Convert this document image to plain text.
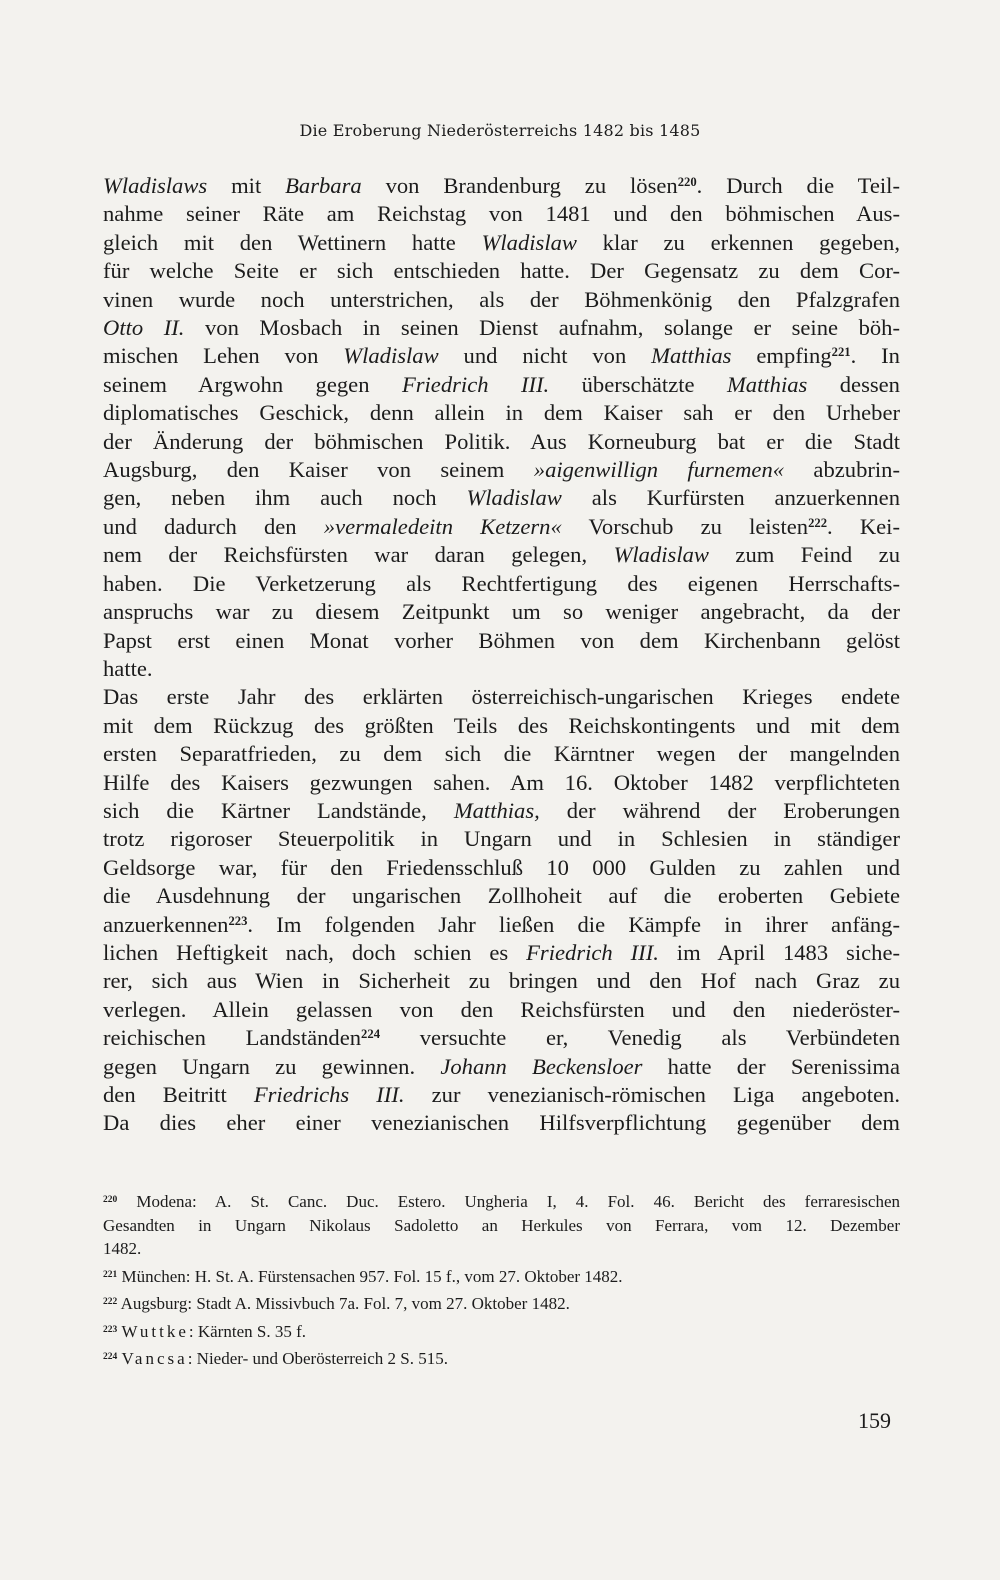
Die Eroberung Niederösterreichs 1482 bis 1485
Wladislaws mit Barbara von Brandenburg zu lösen$^{220}$. Durch die Teil-
nahme seiner Räte am Reichstag von 1481 und den böhmischen Aus-
gleich mit den Wettinern hatte Wladislaw klar zu erkennen gegeben,
für welche Seite er sich entschieden hatte. Der Gegensatz zu dem Cor-
vinen wurde noch unterstrichen, als der Böhmenkönig den Pfalzgrafen
Otto II. von Mosbach in seinen Dienst aufnahm, solange er seine böh-
mischen Lehen von Wladislaw und nicht von Matthias empfing$^{221}$. In
seinem Argwohn gegen Friedrich III. überschätzte Matthias dessen
diplomatisches Geschick, denn allein in dem Kaiser sah er den Urheber
der Änderung der böhmischen Politik. Aus Korneuburg bat er die Stadt
Augsburg, den Kaiser von seinem »aigenwillign furnemen« abzubrin-
gen, neben ihm auch noch Wladislaw als Kurfürsten anzuerkennen
und dadurch den »vermaledeitn Ketzern« Vorschub zu leisten$^{222}$. Kei-
nem der Reichsfürsten war daran gelegen, Wladislaw zum Feind zu
haben. Die Verketzerung als Rechtfertigung des eigenen Herrschafts-
anspruchs war zu diesem Zeitpunkt um so weniger angebracht, da der
Papst erst einen Monat vorher Böhmen von dem Kirchenbann gelöst
hatte.
Das erste Jahr des erklärten österreichisch-ungarischen Krieges endete
mit dem Rückzug des größten Teils des Reichskontingents und mit dem
ersten Separatfrieden, zu dem sich die Kärntner wegen der mangelnden
Hilfe des Kaisers gezwungen sahen. Am 16. Oktober 1482 verpflichteten
sich die Kärtner Landstände, Matthias, der während der Eroberungen
trotz rigoroser Steuerpolitik in Ungarn und in Schlesien in ständiger
Geldsorge war, für den Friedensschluß 10 000 Gulden zu zahlen und
die Ausdehnung der ungarischen Zollhoheit auf die eroberten Gebiete
anzuerkennen$^{223}$. Im folgenden Jahr ließen die Kämpfe in ihrer anfäng-
lichen Heftigkeit nach, doch schien es Friedrich III. im April 1483 siche-
rer, sich aus Wien in Sicherheit zu bringen und den Hof nach Graz zu
verlegen. Allein gelassen von den Reichsfürsten und den niederöster-
reichischen Landständen$^{224}$ versuchte er, Venedig als Verbündeten
gegen Ungarn zu gewinnen. Johann Beckensloer hatte der Serenissima
den Beitritt Friedrichs III. zur venezianisch-römischen Liga angeboten.
Da dies eher einer venezianischen Hilfsverpflichtung gegenüber dem
$^{220}$ Modena: A. St. Canc. Duc. Estero. Ungheria I, 4. Fol. 46. Bericht des ferraresischen
Gesandten in Ungarn Nikolaus Sadoletto an Herkules von Ferrara, vom 12. Dezember
1482.
$^{221}$ München: H. St. A. Fürstensachen 957. Fol. 15 f., vom 27. Oktober 1482.
$^{222}$ Augsburg: Stadt A. Missivbuch 7a. Fol. 7, vom 27. Oktober 1482.
$^{223}$ Wuttke: Kärnten S. 35 f.
$^{224}$ Vancsa: Nieder- und Oberösterreich 2 S. 515.
159
